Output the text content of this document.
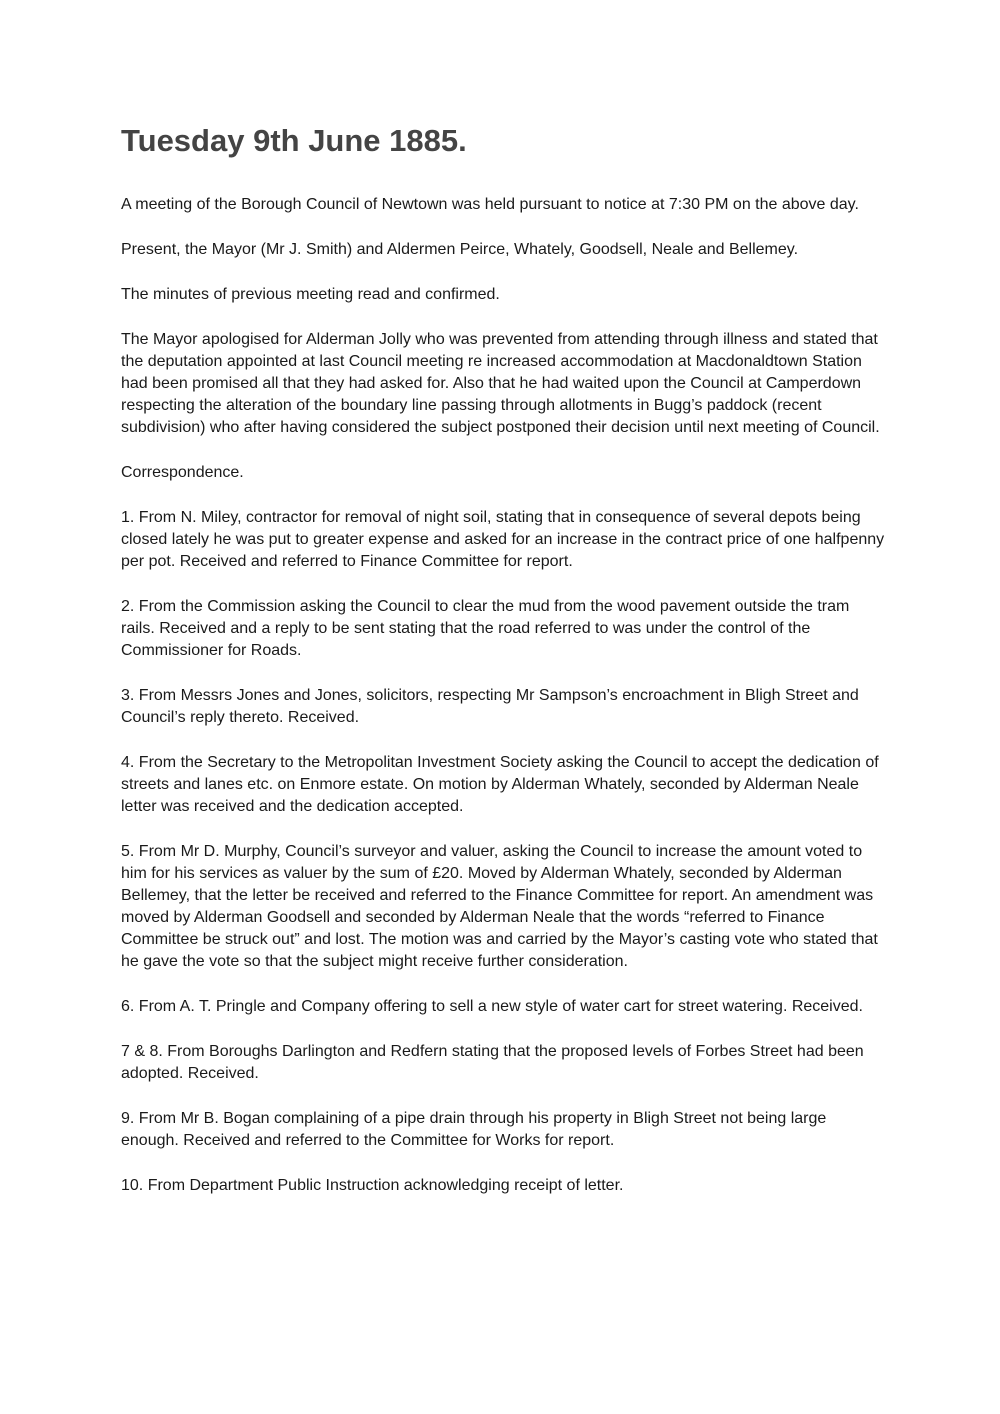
Tuesday 9th June 1885.

A meeting of the Borough Council of Newtown was held pursuant to notice at 7:30 PM on the above day.

Present, the Mayor (Mr J. Smith) and Aldermen Peirce, Whately, Goodsell, Neale and Bellemey.

The minutes of previous meeting read and confirmed.

The Mayor apologised for Alderman Jolly who was prevented from attending through illness and stated that the deputation appointed at last Council meeting re increased accommodation at Macdonaldtown Station had been promised all that they had asked for. Also that he had waited upon the Council at Camperdown respecting the alteration of the boundary line passing through allotments in Bugg’s paddock (recent subdivision) who after having considered the subject postponed their decision until next meeting of Council.

Correspondence.

1. From N. Miley, contractor for removal of night soil, stating that in consequence of several depots being closed lately he was put to greater expense and asked for an increase in the contract price of one halfpenny per pot. Received and referred to Finance Committee for report.

2. From the Commission asking the Council to clear the mud from the wood pavement outside the tram rails. Received and a reply to be sent stating that the road referred to was under the control of the Commissioner for Roads.

3. From Messrs Jones and Jones, solicitors, respecting Mr Sampson’s encroachment in Bligh Street and Council’s reply thereto. Received.

4. From the Secretary to the Metropolitan Investment Society asking the Council to accept the dedication of streets and lanes etc. on Enmore estate. On motion by Alderman Whately, seconded by Alderman Neale letter was received and the dedication accepted.

5. From Mr D. Murphy, Council’s surveyor and valuer, asking the Council to increase the amount voted to him for his services as valuer by the sum of £20. Moved by Alderman Whately, seconded by Alderman Bellemey, that the letter be received and referred to the Finance Committee for report. An amendment was moved by Alderman Goodsell and seconded by Alderman Neale that the words “referred to Finance Committee be struck out” and lost. The motion was and carried by the Mayor’s casting vote who stated that he gave the vote so that the subject might receive further consideration.

6. From A. T. Pringle and Company offering to sell a new style of water cart for street watering. Received.

7 & 8. From Boroughs Darlington and Redfern stating that the proposed levels of Forbes Street had been adopted. Received.

9. From Mr B. Bogan complaining of a pipe drain through his property in Bligh Street not being large enough. Received and referred to the Committee for Works for report.

10. From Department Public Instruction acknowledging receipt of letter.
